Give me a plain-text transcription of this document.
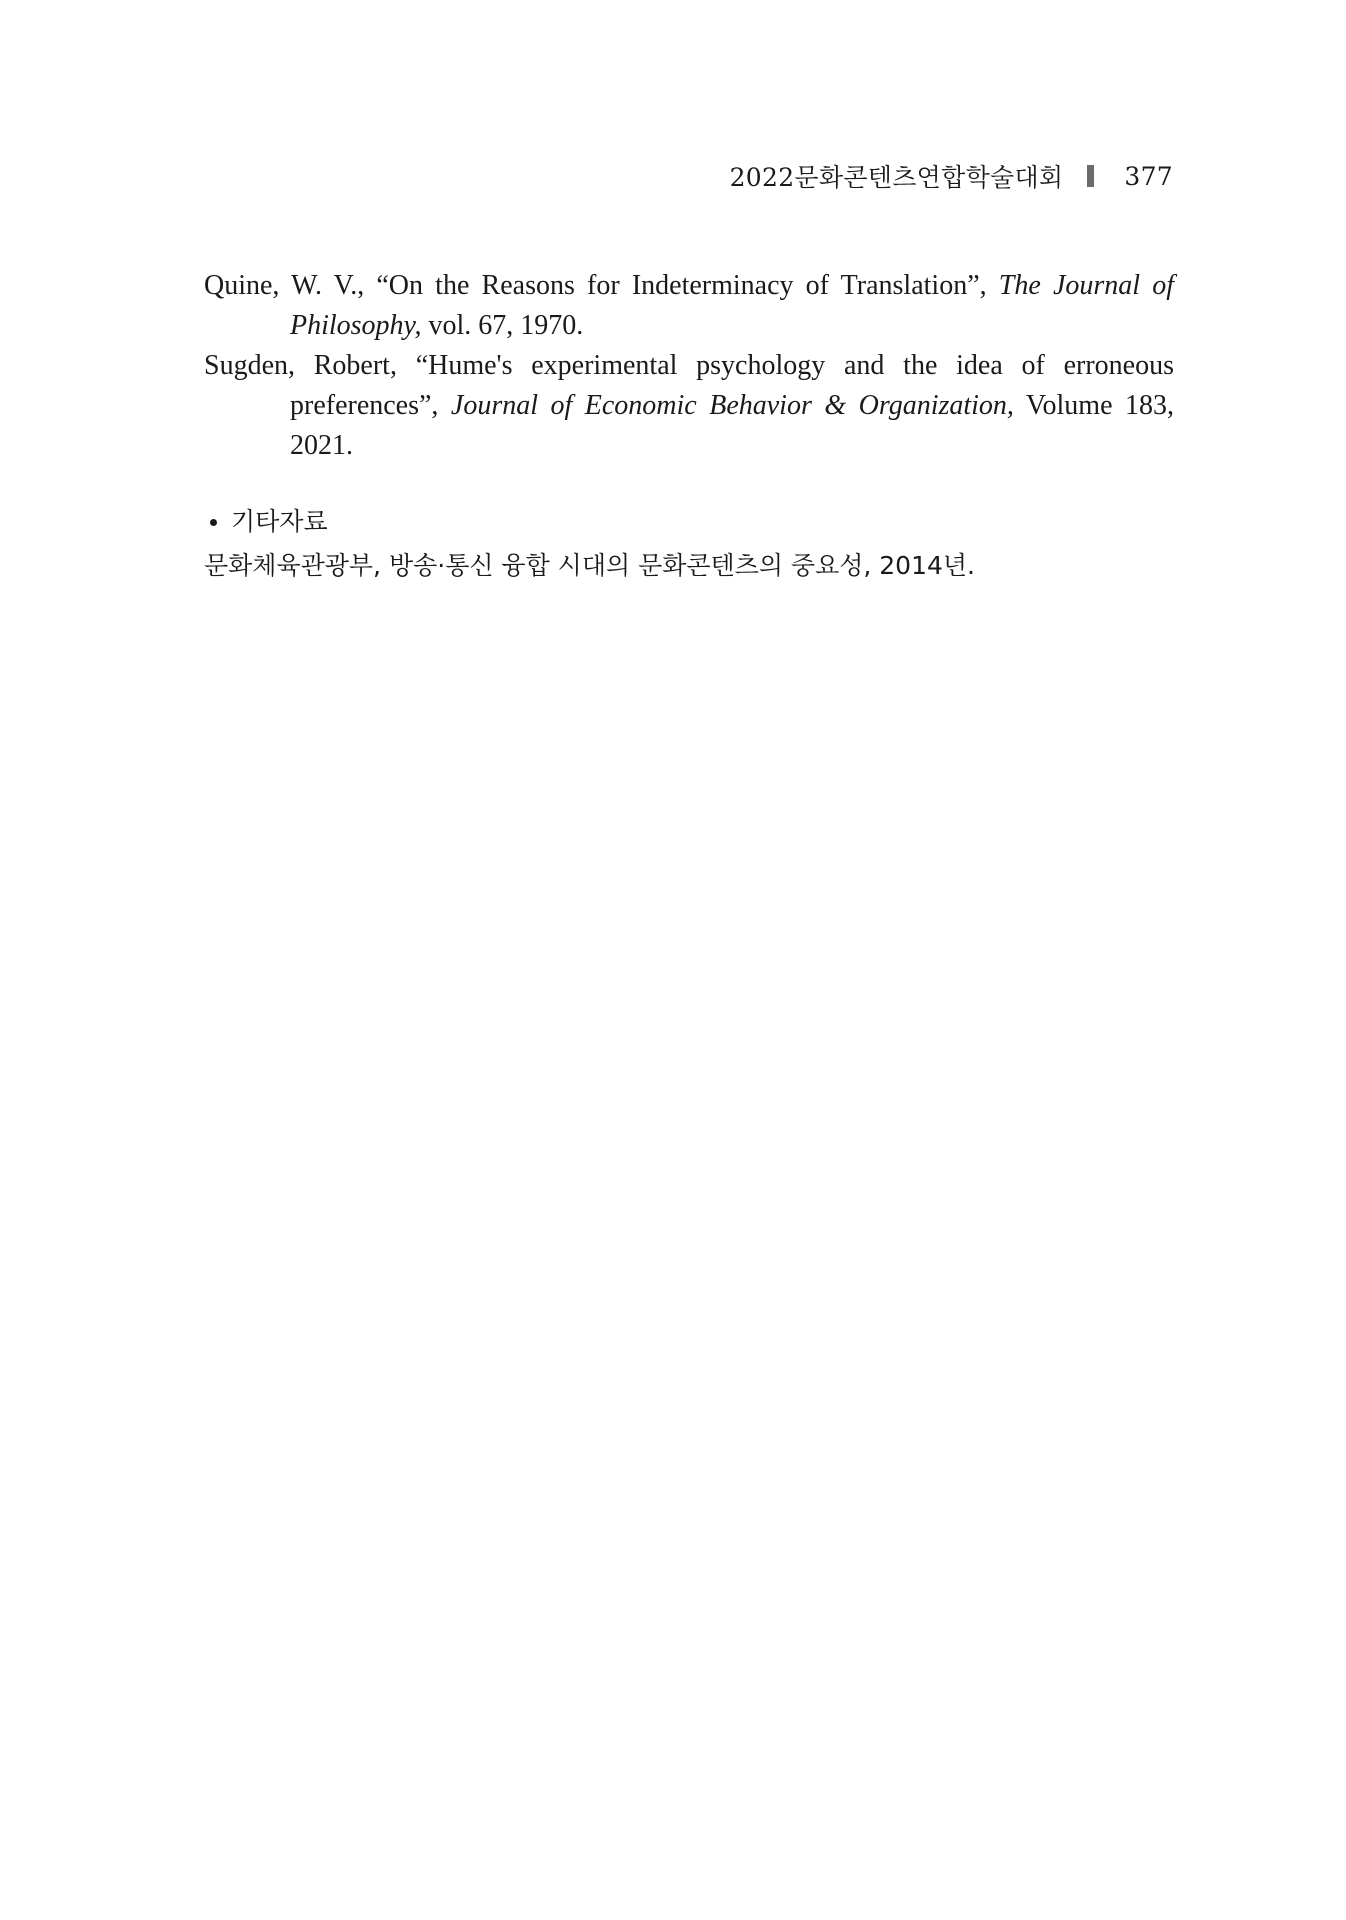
2022문화콘텐츠연합학술대회 377

Quine, W. V., “On the Reasons for Indeterminacy of Translation”, The Journal of Philosophy, vol. 67, 1970.

Sugden, Robert, “Hume's experimental psychology and the idea of erroneous preferences”, Journal of Economic Behavior & Organization, Volume 183, 2021.

기타자료

문화체육관광부, 방송·통신 융합 시대의 문화콘텐츠의 중요성, 2014년.
